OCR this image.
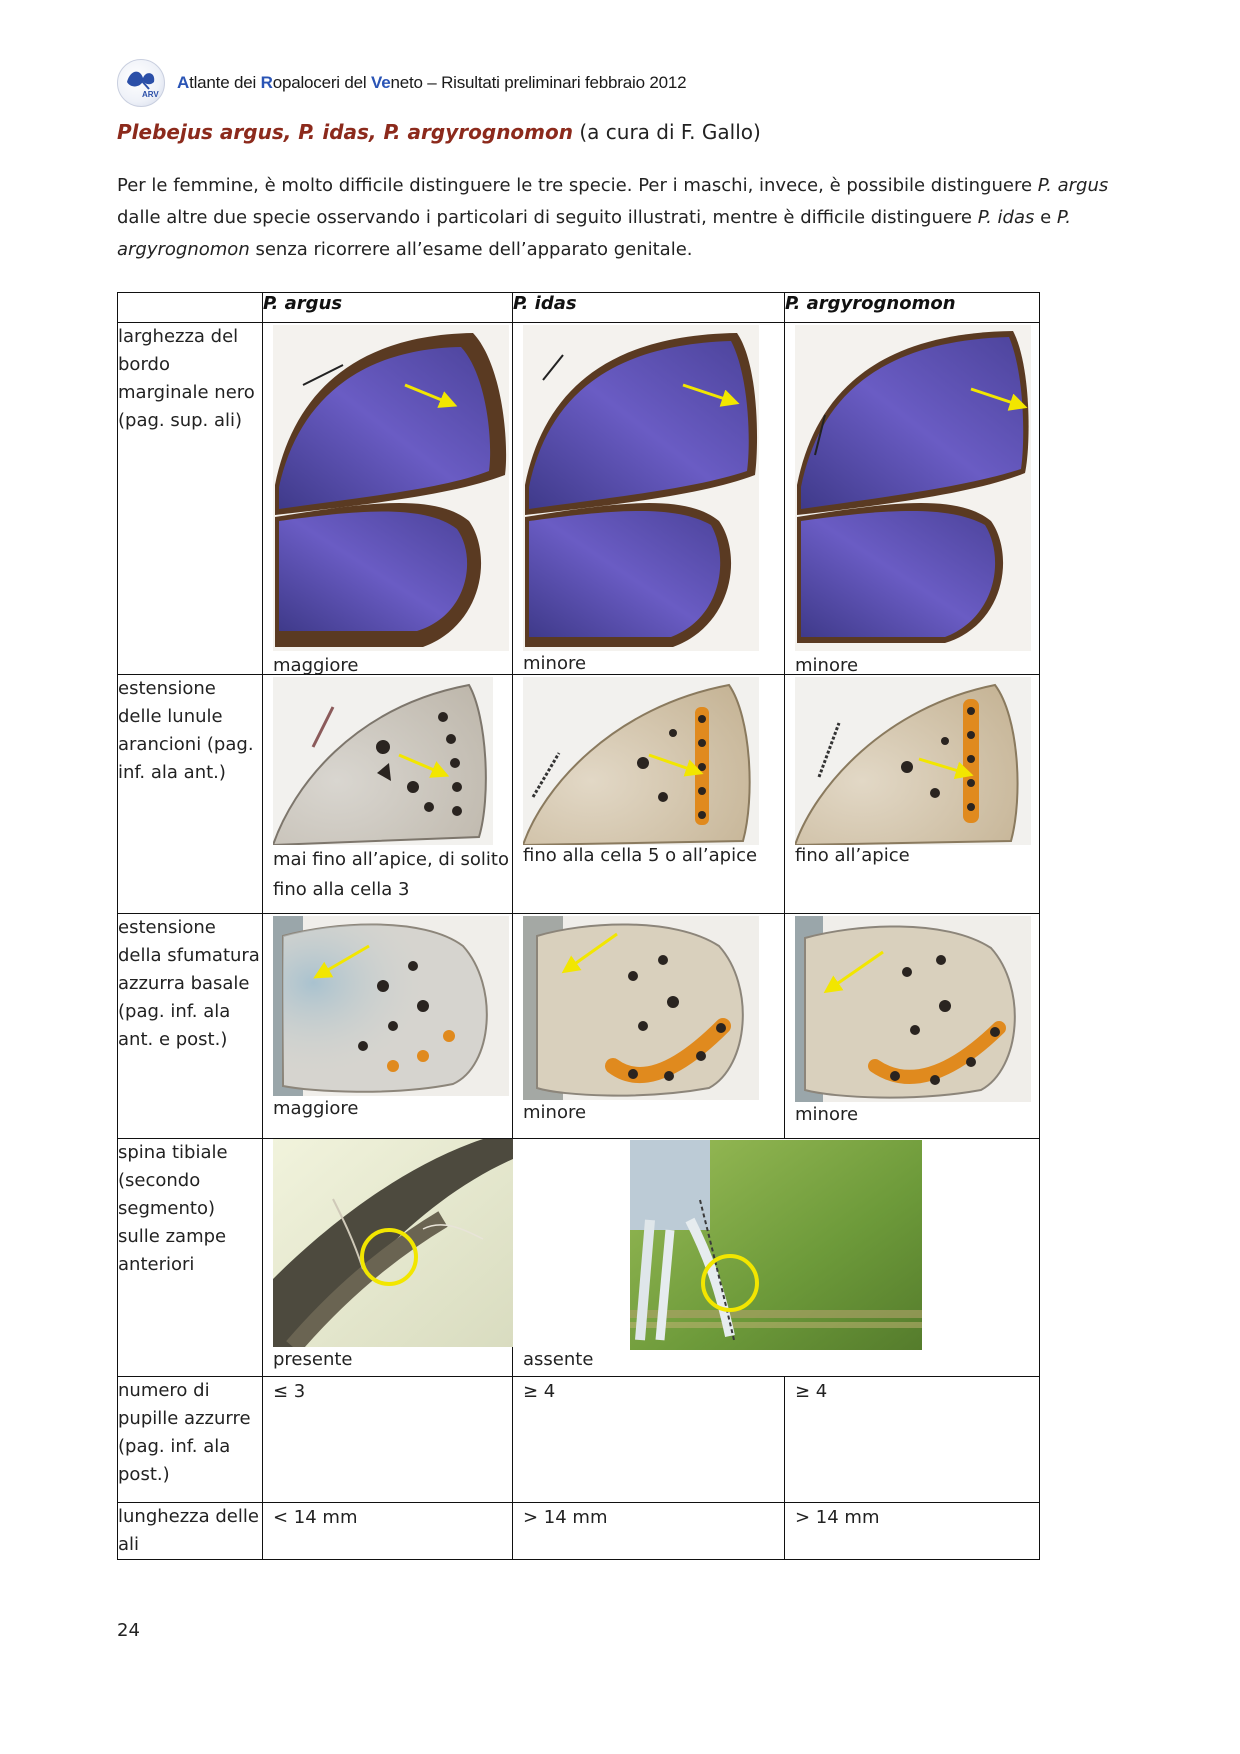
ARV
Atlante dei Ropaloceri del Veneto – Risultati preliminari febbraio 2012
Plebejus argus, P. idas, P. argyrognomon (a cura di F. Gallo)
Per le femmine, è molto difficile distinguere le tre specie. Per i maschi, invece, è possibile distinguere P. argus dalle altre due specie osservando i particolari di seguito illustrati, mentre è difficile distinguere P. idas e P. argyrognomon senza ricorrere all’esame dell’apparato genitale.
	P. argus	P. idas	P. argyrognomon
larghezza del bordo marginale nero (pag. sup. ali)	maggiore	minore	minore

estensione delle lunule arancioni (pag. inf. ala ant.)	mai fino all’apice, di solito fino alla cella 3	fino alla cella 5 o all’apice	fino all’apice

estensione della sfumatura azzurra basale (pag. inf. ala ant. e post.)	maggiore	minore	minore

spina tibiale (secondo segmento) sulle zampe anteriori	presente	assente	

numero di pupille azzurre (pag. inf. ala post.)	≤ 3	≥ 4	≥ 4

lunghezza delle ali	< 14 mm	> 14 mm	> 14 mm
24
